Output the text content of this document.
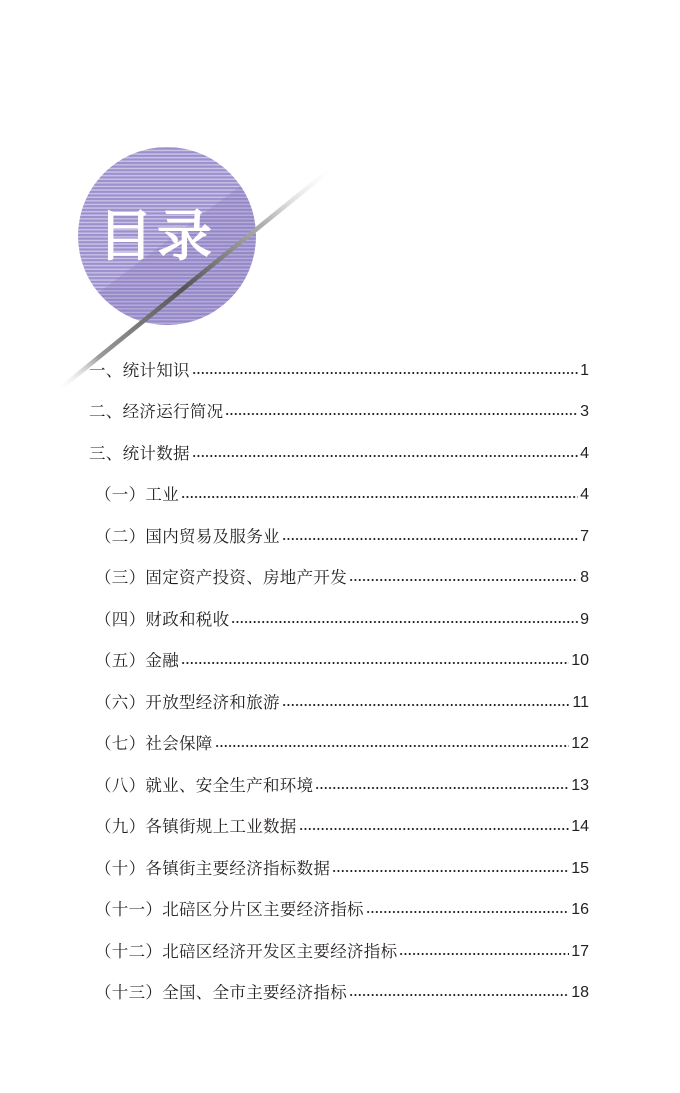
目录
一、统计知识	1
二、经济运行简况	3
三、统计数据	4
（一）工业	4
（二）国内贸易及服务业	7
（三）固定资产投资、房地产开发	8
（四）财政和税收	9
（五）金融	10
（六）开放型经济和旅游	11
（七）社会保障	12
（八）就业、安全生产和环境	13
（九）各镇街规上工业数据	14
（十）各镇街主要经济指标数据	15
（十一）北碚区分片区主要经济指标	16
（十二）北碚区经济开发区主要经济指标	17
（十三）全国、全市主要经济指标	18
